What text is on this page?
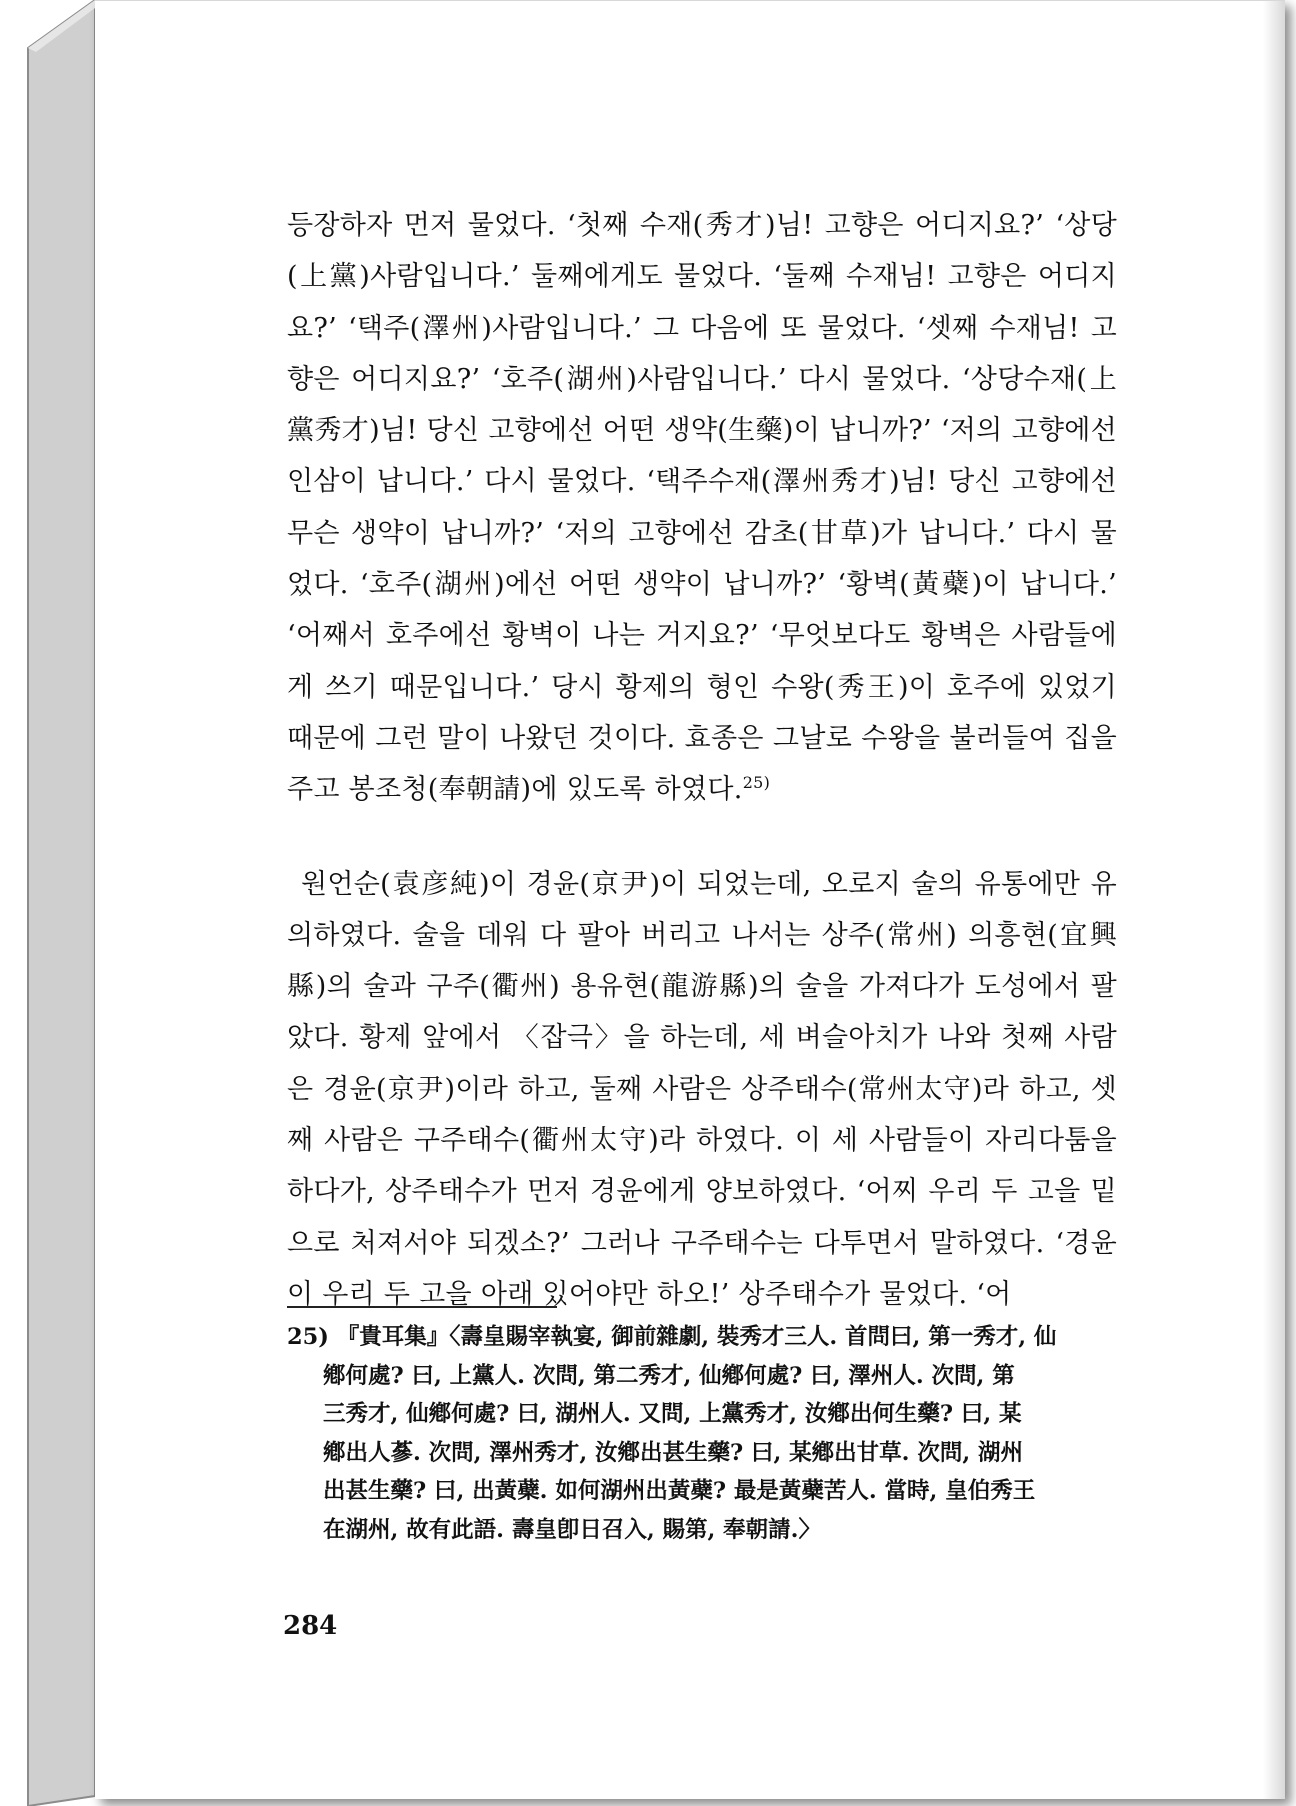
등장하자 먼저 물었다. ‘첫째 수재(秀才)님! 고향은 어디지요?’ ‘상당(上黨)사람입니다.’ 둘째에게도 물었다. ‘둘째 수재님! 고향은 어디지요?’ ‘택주(澤州)사람입니다.’ 그 다음에 또 물었다. ‘셋째 수재님! 고향은 어디지요?’ ‘호주(湖州)사람입니다.’ 다시 물었다. ‘상당수재(上黨秀才)님! 당신 고향에선 어떤 생약(生藥)이 납니까?’ ‘저의 고향에선 인삼이 납니다.’ 다시 물었다. ‘택주수재(澤州秀才)님! 당신 고향에선 무슨 생약이 납니까?’ ‘저의 고향에선 감초(甘草)가 납니다.’ 다시 물었다. ‘호주(湖州)에선 어떤 생약이 납니까?’ ‘황벽(黃蘗)이 납니다.’ ‘어째서 호주에선 황벽이 나는 거지요?’ ‘무엇보다도 황벽은 사람들에게 쓰기 때문입니다.’ 당시 황제의 형인 수왕(秀王)이 호주에 있었기 때문에 그런 말이 나왔던 것이다. 효종은 그날로 수왕을 불러들여 집을 주고 봉조청(奉朝請)에 있도록 하였다.$^{25)}$

원언순(袁彦純)이 경윤(京尹)이 되었는데, 오로지 술의 유통에만 유의하였다. 술을 데워 다 팔아 버리고 나서는 상주(常州) 의흥현(宜興縣)의 술과 구주(衢州) 용유현(龍游縣)의 술을 가져다가 도성에서 팔았다. 황제 앞에서 〈잡극〉을 하는데, 세 벼슬아치가 나와 첫째 사람은 경윤(京尹)이라 하고, 둘째 사람은 상주태수(常州太守)라 하고, 셋째 사람은 구주태수(衢州太守)라 하였다. 이 세 사람들이 자리다툼을 하다가, 상주태수가 먼저 경윤에게 양보하였다. ‘어찌 우리 두 고을 밑으로 처져서야 되겠소?’ 그러나 구주태수는 다투면서 말하였다. ‘경윤이 우리 두 고을 아래 있어야만 하오!’ 상주태수가 물었다. ‘어

25) 『貴耳集』〈壽皇賜宰執宴, 御前雜劇, 裝秀才三人. 首問曰, 第一秀才, 仙
鄕何處? 曰, 上黨人. 次問, 第二秀才, 仙鄕何處? 曰, 澤州人. 次問, 第
三秀才, 仙鄕何處? 曰, 湖州人. 又問, 上黨秀才, 汝鄕出何生藥? 曰, 某
鄕出人蔘. 次問, 澤州秀才, 汝鄕出甚生藥? 曰, 某鄕出甘草. 次問, 湖州
出甚生藥? 曰, 出黃蘗. 如何湖州出黃蘗? 最是黃蘗苦人. 當時, 皇伯秀王
在湖州, 故有此語. 壽皇卽日召入, 賜第, 奉朝請.〉
284
